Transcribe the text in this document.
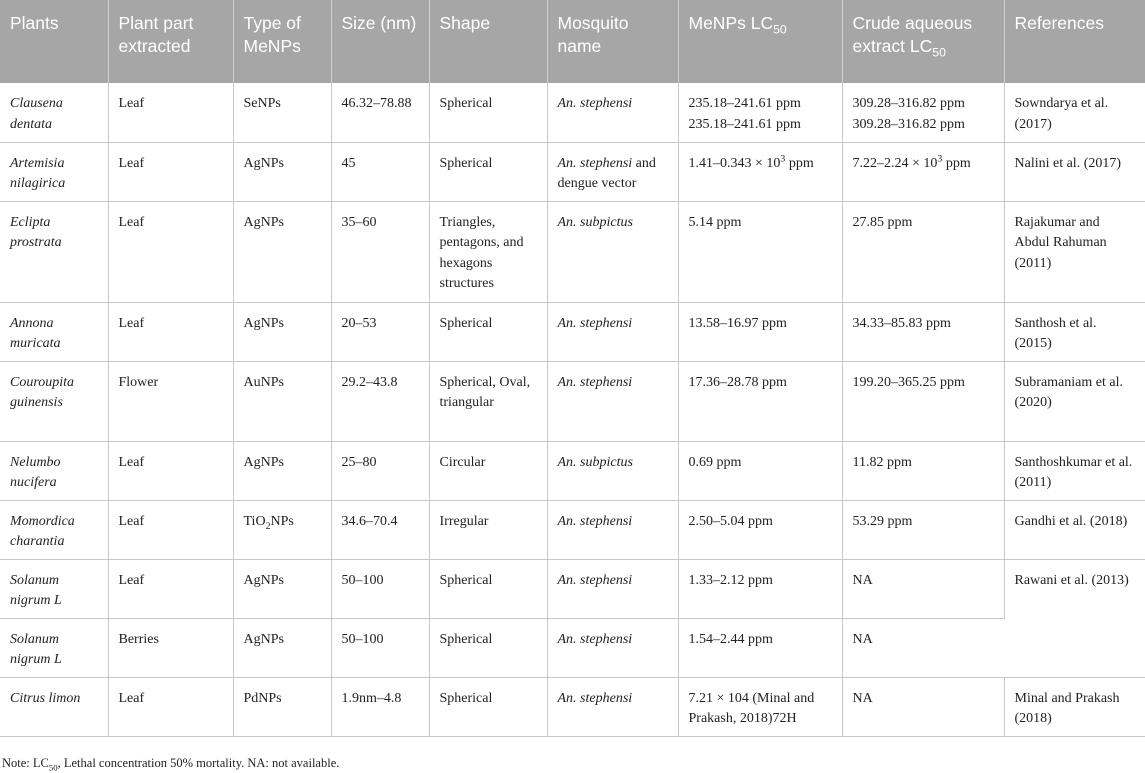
Plants	Plant part extracted	Type of MeNPs	Size (nm)	Shape	Mosquito name	MeNPs $LC_{50}$	Crude aqueous extract $LC_{50}$	References
Clausena dentata	Leaf	SeNPs	46.32–78.88	Spherical	An. stephensi	235.18–241.61 ppm 235.18–241.61 ppm	309.28–316.82 ppm 309.28–316.82 ppm	Sowndarya et al. (2017)
Artemisia nilagirica	Leaf	AgNPs	45	Spherical	An. stephensi and dengue vector	$1.41-0.343 \times 10^3$ ppm	$7.22-2.24 \times 10^3$ ppm	Nalini et al. (2017)
Eclipta prostrata	Leaf	AgNPs	35–60	Triangles, pentagons, and hexagons structures	An. subpictus	5.14 ppm	27.85 ppm	Rajakumar and Abdul Rahuman (2011)
Annona muricata	Leaf	AgNPs	20–53	Spherical	An. stephensi	13.58–16.97 ppm	34.33–85.83 ppm	Santhosh et al. (2015)
Couroupita guinensis	Flower	AuNPs	29.2–43.8	Spherical, Oval, triangular	An. stephensi	17.36–28.78 ppm	199.20–365.25 ppm	Subramaniam et al. (2020)
Nelumbo nucifera	Leaf	AgNPs	25–80	Circular	An. subpictus	0.69 ppm	11.82 ppm	Santhoshkumar et al. (2011)
Momordica charantia	Leaf	TiO$_2$NPs	34.6–70.4	Irregular	An. stephensi	2.50–5.04 ppm	53.29 ppm	Gandhi et al. (2018)
Solanum nigrum L	Leaf	AgNPs	50–100	Spherical	An. stephensi	1.33–2.12 ppm	NA	Rawani et al. (2013)
Solanum nigrum L	Berries	AgNPs	50–100	Spherical	An. stephensi	1.54–2.44 ppm	NA	
Citrus limon	Leaf	PdNPs	1.9nm–4.8	Spherical	An. stephensi	7.21 × 104 (Minal and Prakash, 2018)72H	NA	Minal and Prakash (2018)
Note: $LC_{50}$, Lethal concentration 50% mortality. NA: not available.
